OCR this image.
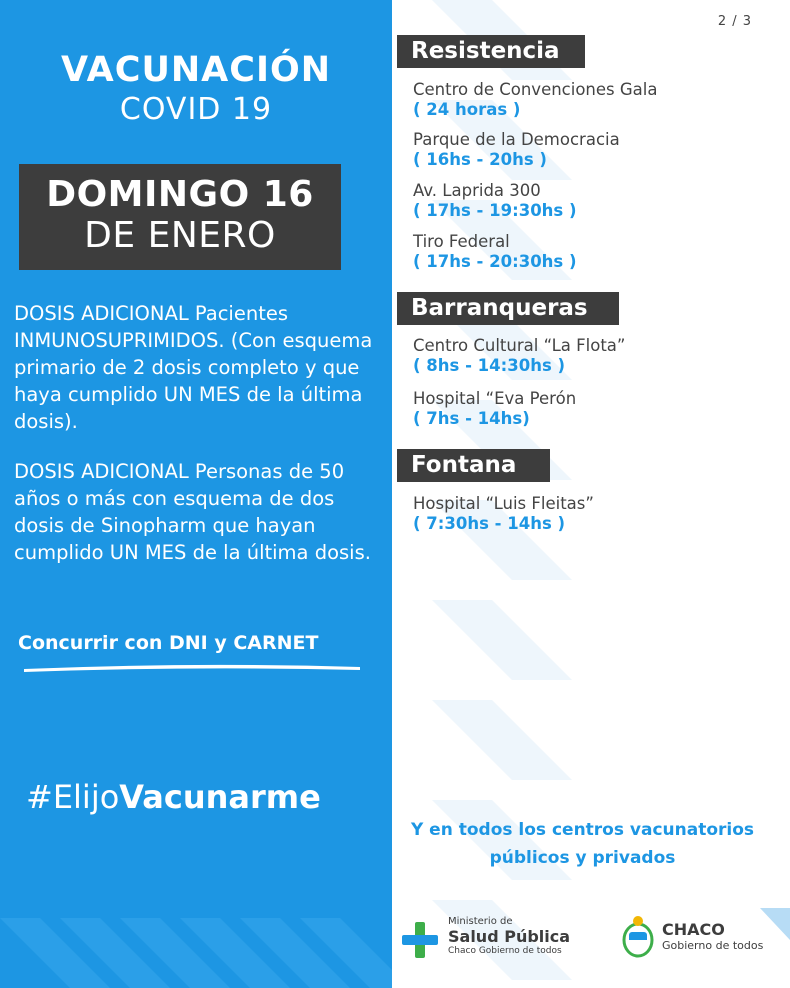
VACUNACIÓN
COVID 19
DOMINGO 16
DE ENERO
DOSIS ADICIONAL Pacientes INMUNOSUPRIMIDOS. (Con esquema primario de 2 dosis completo y que haya cumplido UN MES de la última dosis).
DOSIS ADICIONAL Personas de 50 años o más con esquema de dos dosis de Sinopharm que hayan cumplido UN MES de la última dosis.
Concurrir con DNI y CARNET
#ElijoVacunarme
2 / 3
Resistencia
Centro de Convenciones Gala
( 24 horas )
Parque de la Democracia
( 16hs - 20hs )
Av. Laprida 300
( 17hs - 19:30hs )
Tiro Federal
( 17hs - 20:30hs )
Barranqueras
Centro Cultural “La Flota”
( 8hs - 14:30hs )
Hospital “Eva Perón
( 7hs - 14hs)
Fontana
Hospital “Luis Fleitas”
( 7:30hs - 14hs )
Y en todos los centros vacunatorios
públicos y privados
Ministerio de
Salud Pública
Chaco Gobierno de todos
CHACO
Gobierno de todos
